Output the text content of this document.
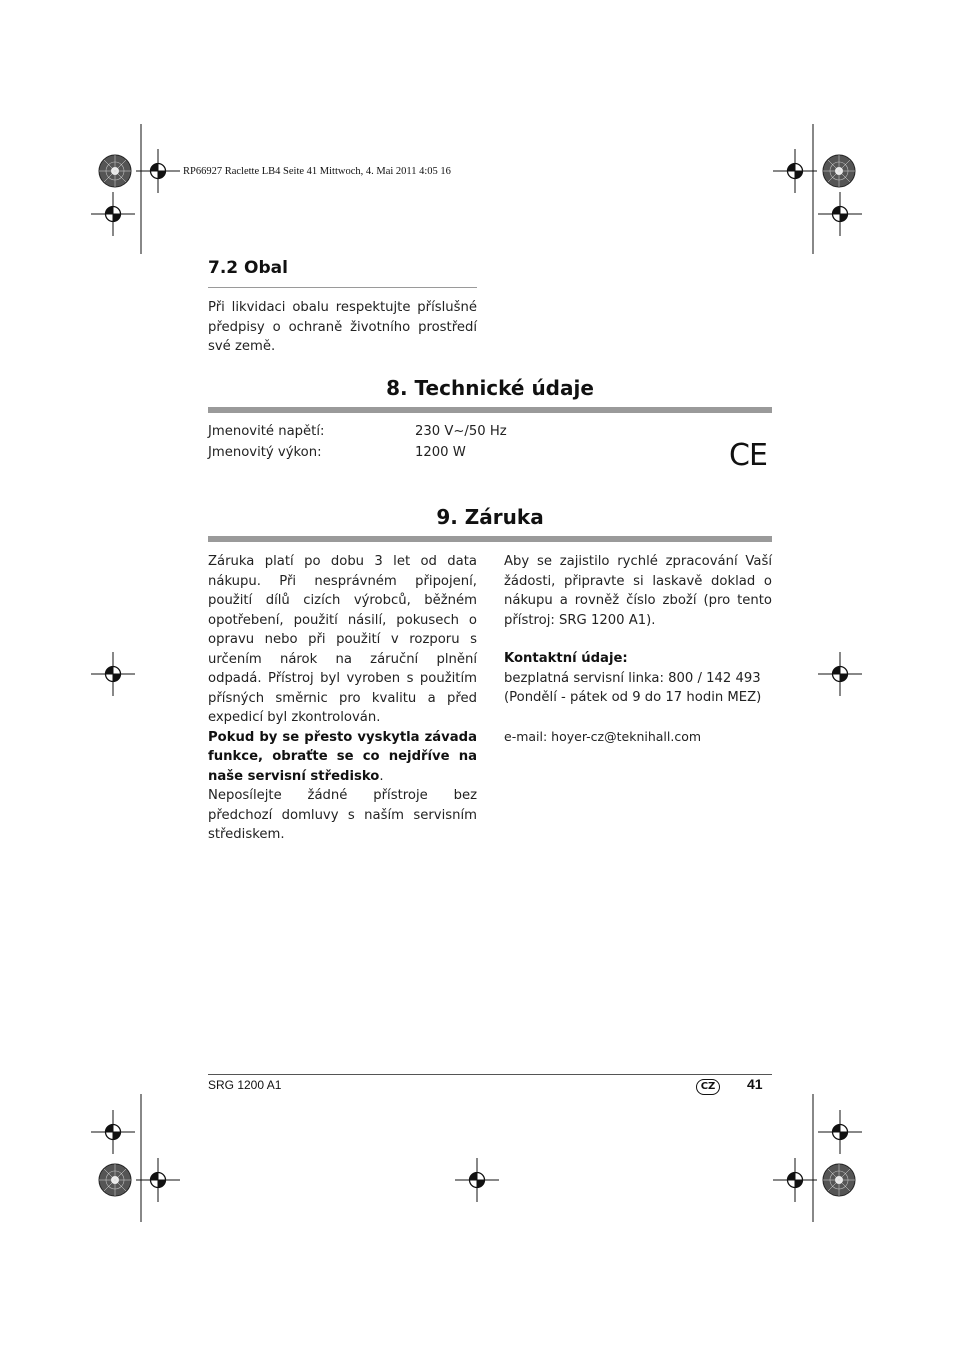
RP66927 Raclette LB4 Seite 41 Mittwoch, 4. Mai 2011 4:05 16
7.2 Obal
Při likvidaci obalu respektujte příslušné předpisy o ochraně životního prostředí své země.
8. Technické údaje
Jmenovité napětí:	230 V~/50 Hz
Jmenovitý výkon:	1200 W	CE
9. Záruka
Záruka platí po dobu 3 let od data nákupu. Při nesprávném připojení, použití dílů cizích výrobců, běžném opotřebení, použití násilí, pokusech o opravu nebo při použití v rozporu s určením nárok na záruční plnění odpadá. Přístroj byl vyroben s použitím přísných směrnic pro kvalitu a před expedicí byl zkontrolován.
Pokud by se přesto vyskytla závada funkce, obraťte se co nejdříve na naše servisní středisko.
Neposílejte žádné přístroje bez předchozí domluvy s naším servisním střediskem.
Aby se zajistilo rychlé zpracování Vaší žádosti, připravte si laskavě doklad o nákupu a rovněž číslo zboží (pro tento přístroj: SRG 1200 A1).
Kontaktní údaje:
bezplatná servisní linka: 800 / 142 493
(Pondělí - pátek od 9 do 17 hodin MEZ)
e-mail: hoyer-cz@teknihall.com
SRG 1200 A1	CZ	41
